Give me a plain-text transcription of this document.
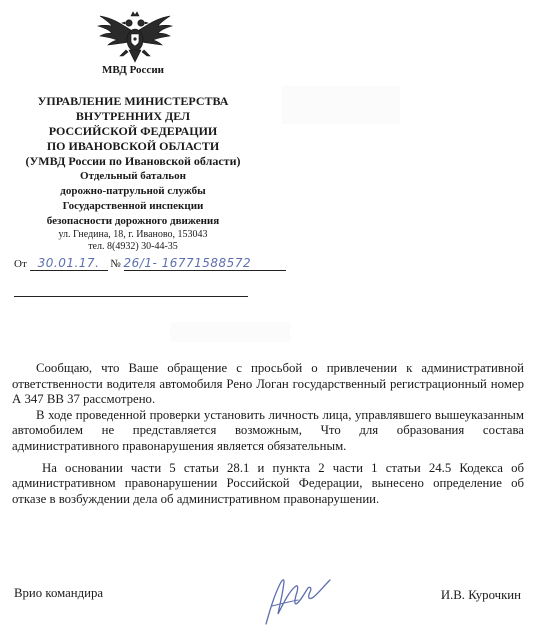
МВД России
УПРАВЛЕНИЕ МИНИСТЕРСТВА
ВНУТРЕННИХ ДЕЛ
РОССИЙСКОЙ ФЕДЕРАЦИИ
ПО ИВАНОВСКОЙ ОБЛАСТИ
(УМВД России по Ивановской области)
Отдельный батальон
дорожно-патрульной службы
Государственной инспекции
безопасности дорожного движения
ул. Гнедина, 18, г. Иваново, 153043
тел. 8(4932) 30-44-35
От 30.01.17. № 26/1- 16771588572

Сообщаю, что Ваше обращение с просьбой о привлечении к административной ответственности водителя автомобиля Рено Логан государственный регистрационный номер А 347 ВВ 37 рассмотрено.

В ходе проведенной проверки установить личность лица, управлявшего вышеуказанным автомобилем не представляется возможным, Что для образования состава административного правонарушения является обязательным.

На основании части 5 статьи 28.1 и пункта 2 части 1 статьи 24.5 Кодекса об административном правонарушении Российской Федерации, вынесено определение об отказе в возбуждении дела об административном правонарушении.

Врио командира	И.В. Курочкин
